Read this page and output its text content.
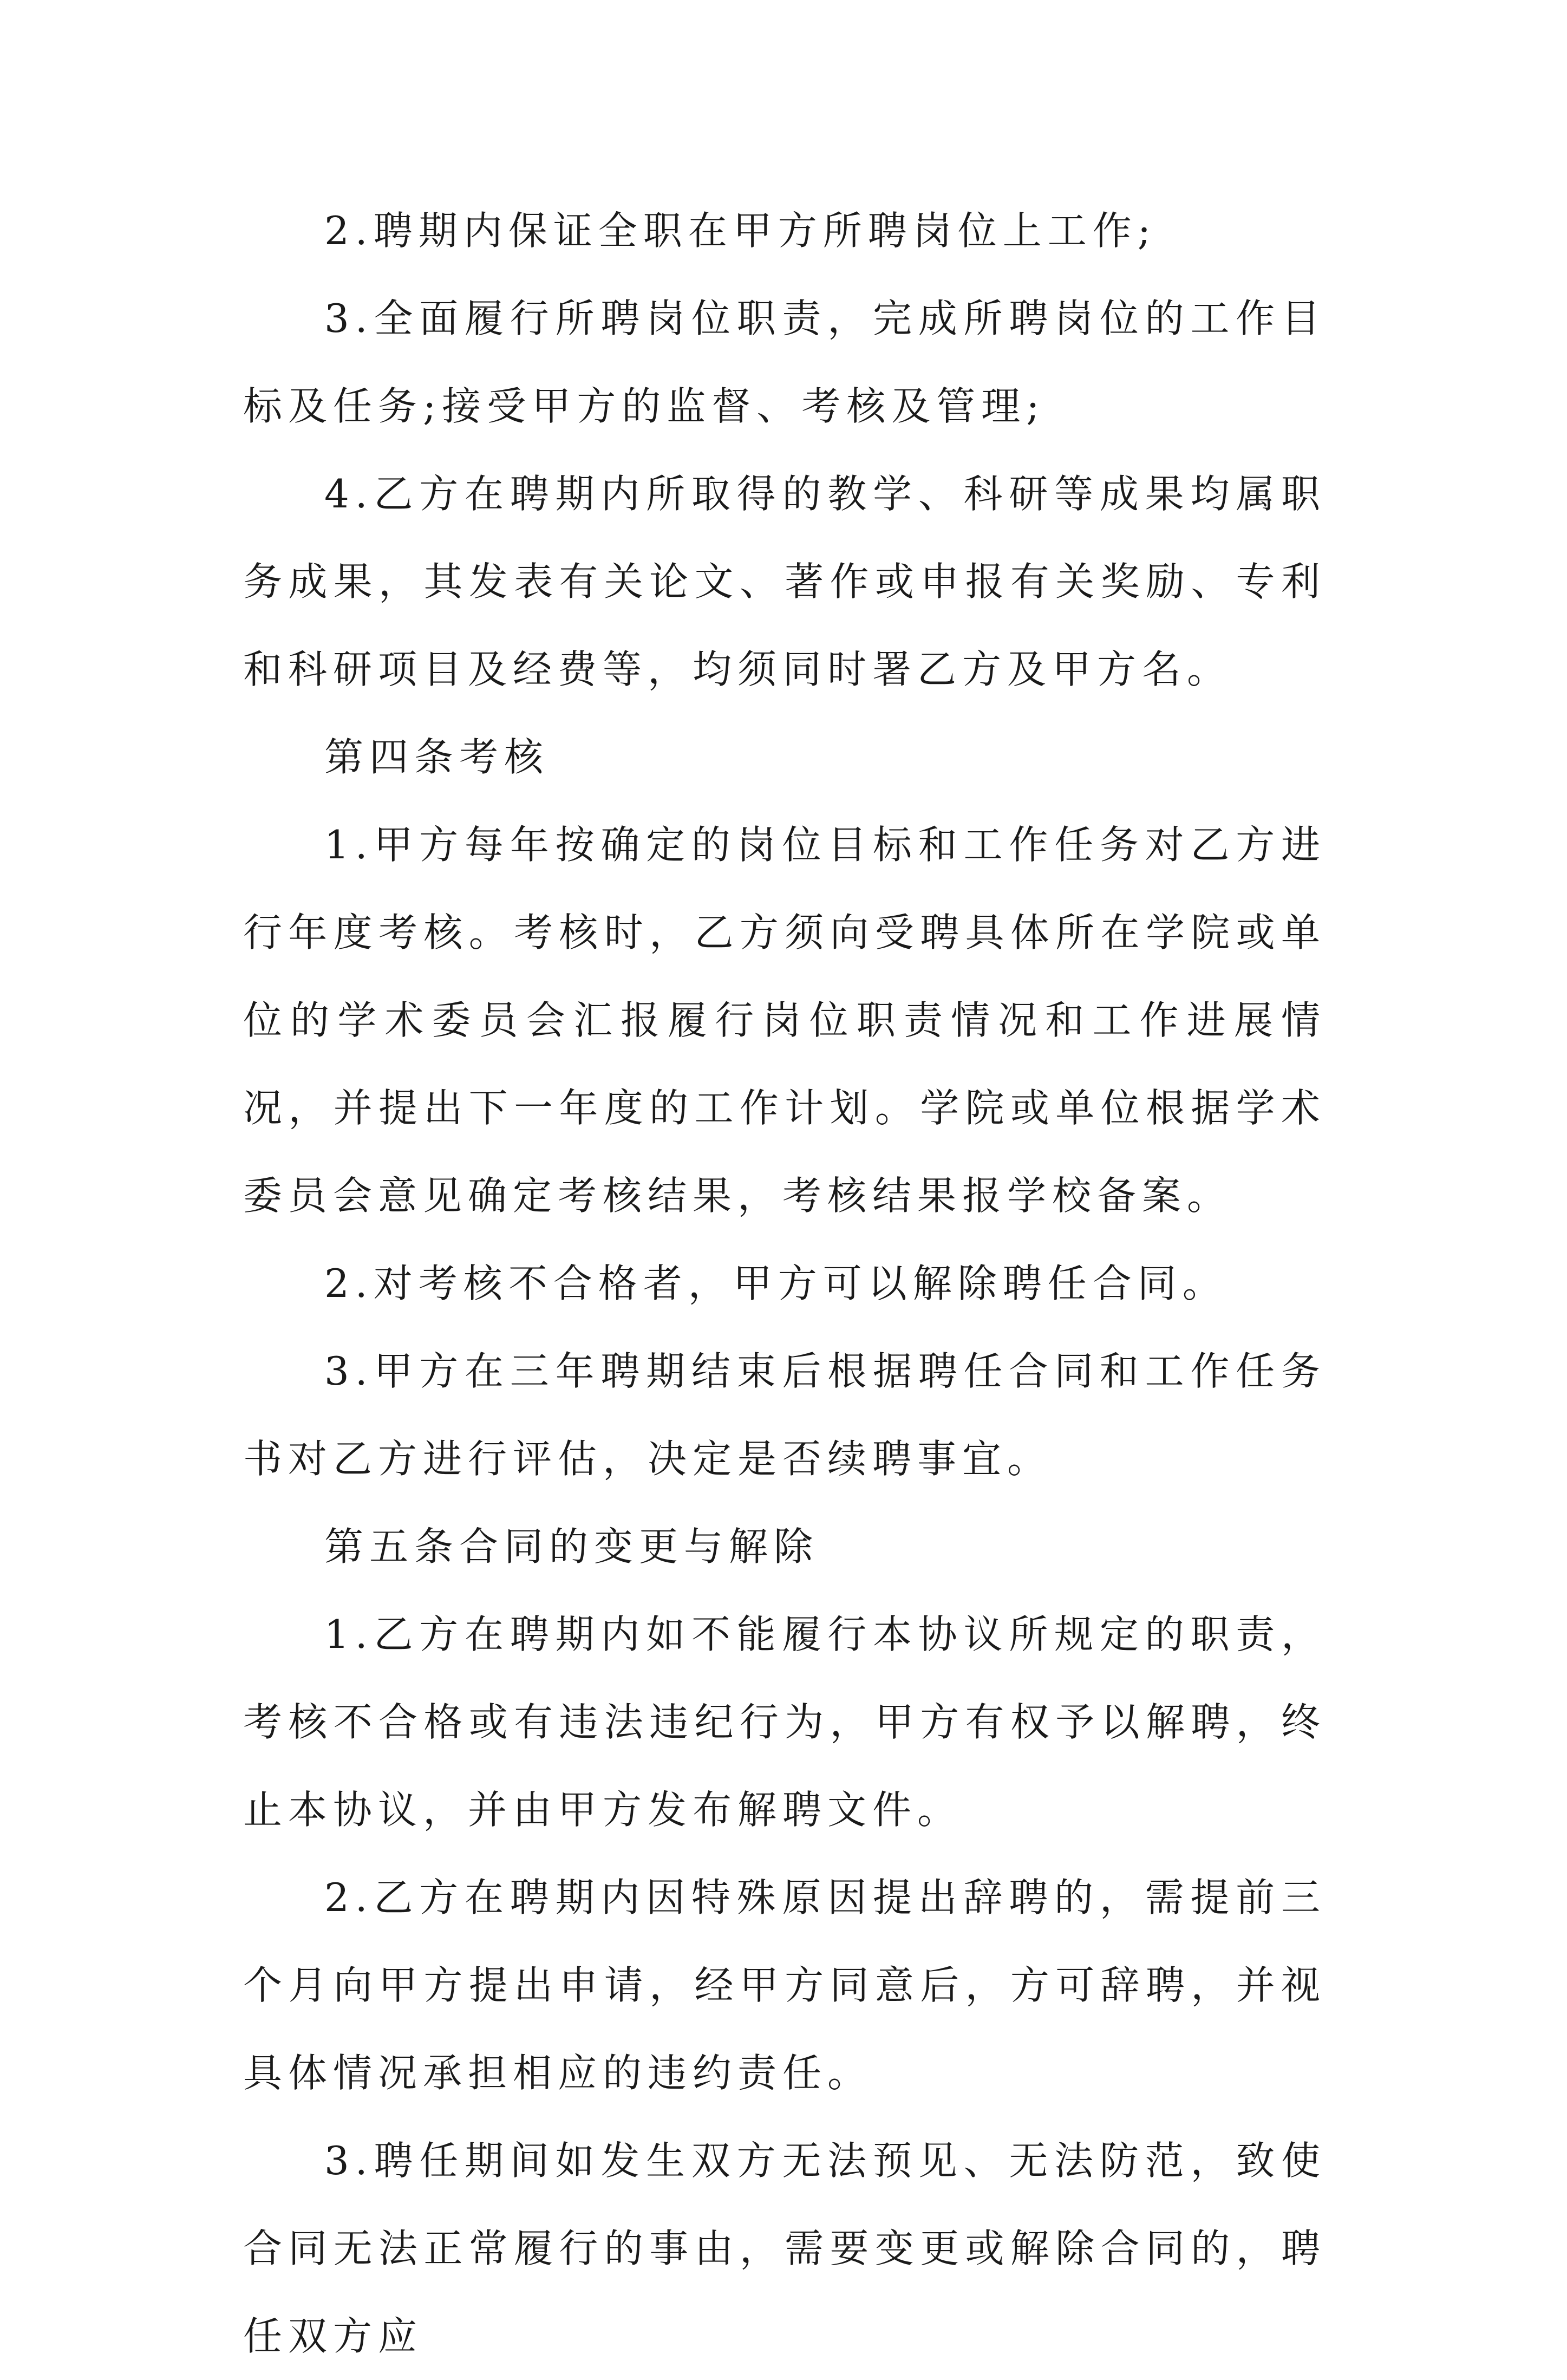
2.聘期内保证全职在甲方所聘岗位上工作;

3.全面履行所聘岗位职责，完成所聘岗位的工作目标及任务;接受甲方的监督、考核及管理;

4.乙方在聘期内所取得的教学、科研等成果均属职务成果，其发表有关论文、著作或申报有关奖励、专利和科研项目及经费等，均须同时署乙方及甲方名。

第四条考核

1.甲方每年按确定的岗位目标和工作任务对乙方进行年度考核。考核时，乙方须向受聘具体所在学院或单位的学术委员会汇报履行岗位职责情况和工作进展情况，并提出下一年度的工作计划。学院或单位根据学术委员会意见确定考核结果，考核结果报学校备案。

2.对考核不合格者，甲方可以解除聘任合同。

3.甲方在三年聘期结束后根据聘任合同和工作任务书对乙方进行评估，决定是否续聘事宜。

第五条合同的变更与解除

1.乙方在聘期内如不能履行本协议所规定的职责，考核不合格或有违法违纪行为，甲方有权予以解聘，终止本协议，并由甲方发布解聘文件。

2.乙方在聘期内因特殊原因提出辞聘的，需提前三个月向甲方提出申请，经甲方同意后，方可辞聘，并视具体情况承担相应的违约责任。

3.聘任期间如发生双方无法预见、无法防范，致使合同无法正常履行的事由，需要变更或解除合同的，聘任双方应
